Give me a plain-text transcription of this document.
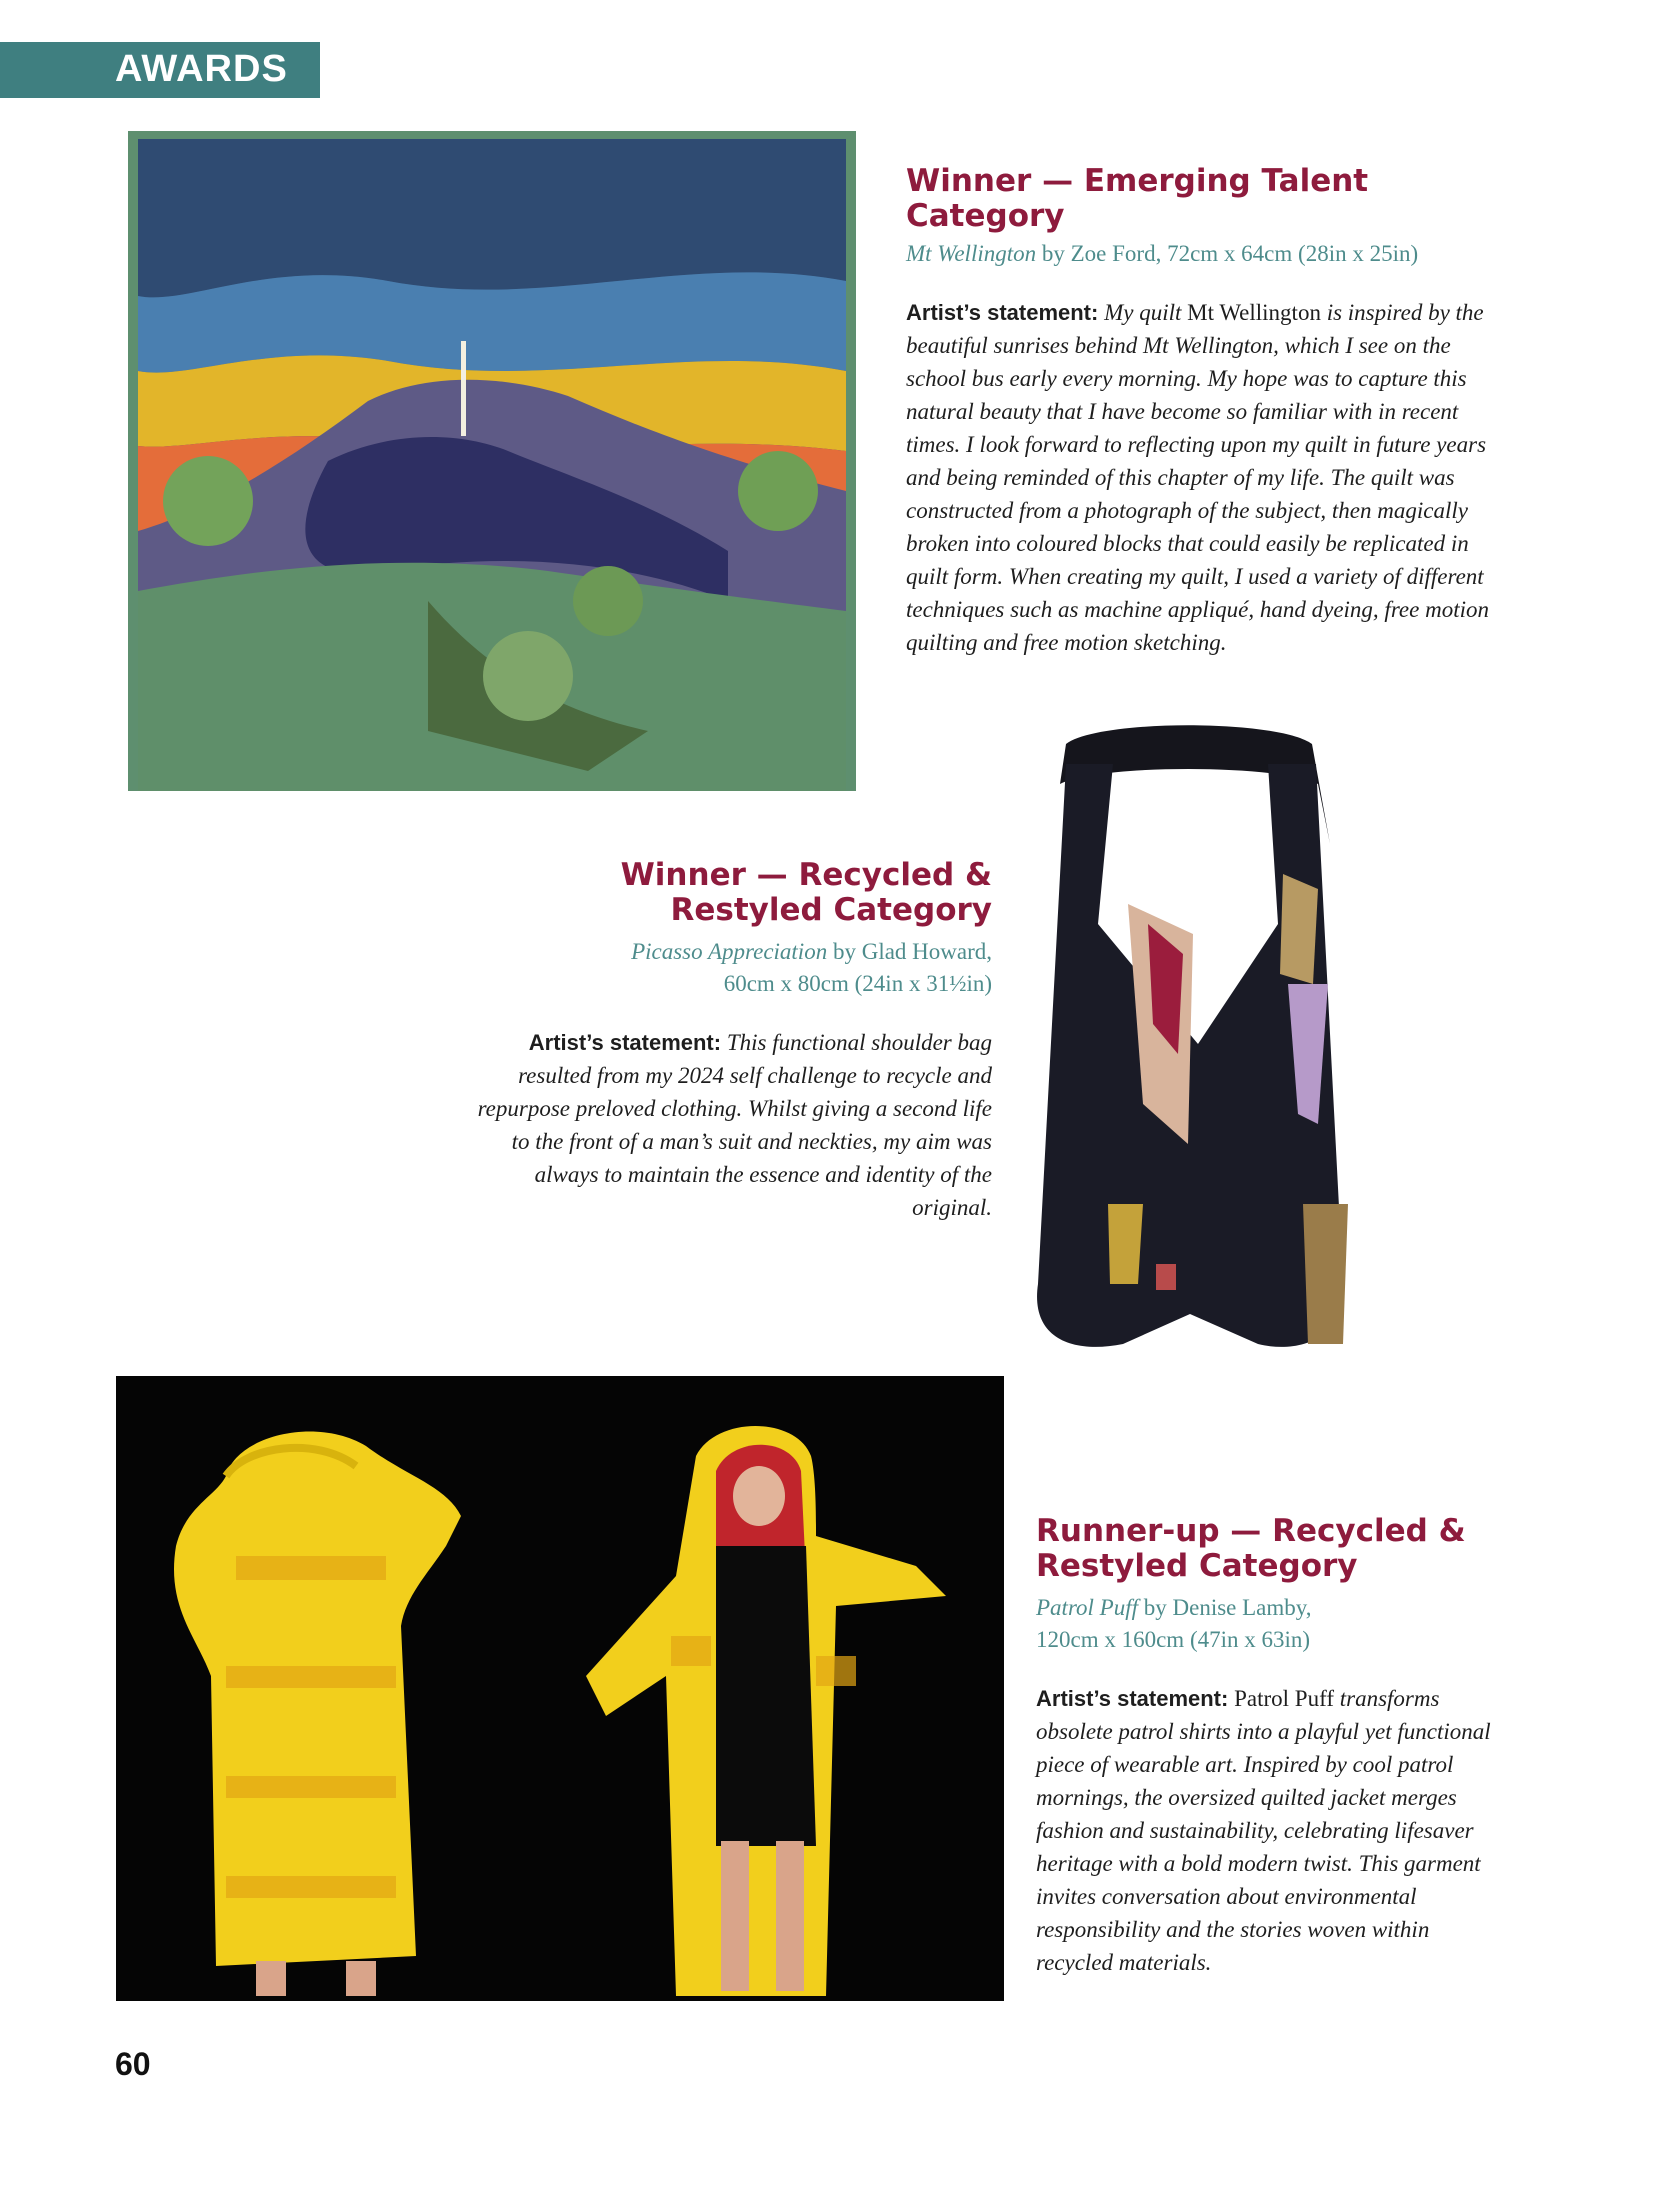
AWARDS
Winner — Emerging Talent Category
Mt Wellington by Zoe Ford, 72cm x 64cm (28in x 25in)

Artist’s statement: My quilt Mt Wellington is inspired by the beautiful sunrises behind Mt Wellington, which I see on the school bus early every morning. My hope was to capture this natural beauty that I have become so familiar with in recent times. I look forward to reflecting upon my quilt in future years and being reminded of this chapter of my life. The quilt was constructed from a photograph of the subject, then magically broken into coloured blocks that could easily be replicated in quilt form. When creating my quilt, I used a variety of different techniques such as machine appliqué, hand dyeing, free motion quilting and free motion sketching.

Winner — Recycled &
Restyled Category
Picasso Appreciation by Glad Howard,
60cm x 80cm (24in x 31½in)

Artist’s statement: This functional shoulder bag resulted from my 2024 self challenge to recycle and repurpose preloved clothing. Whilst giving a second life to the front of a man’s suit and neckties, my aim was always to maintain the essence and identity of the original.

Runner-up — Recycled &
Restyled Category
Patrol Puff by Denise Lamby,
120cm x 160cm (47in x 63in)

Artist’s statement: Patrol Puff transforms obsolete patrol shirts into a playful yet functional piece of wearable art. Inspired by cool patrol mornings, the oversized quilted jacket merges fashion and sustainability, celebrating lifesaver heritage with a bold modern twist. This garment invites conversation about environmental responsibility and the stories woven within recycled materials.

60
